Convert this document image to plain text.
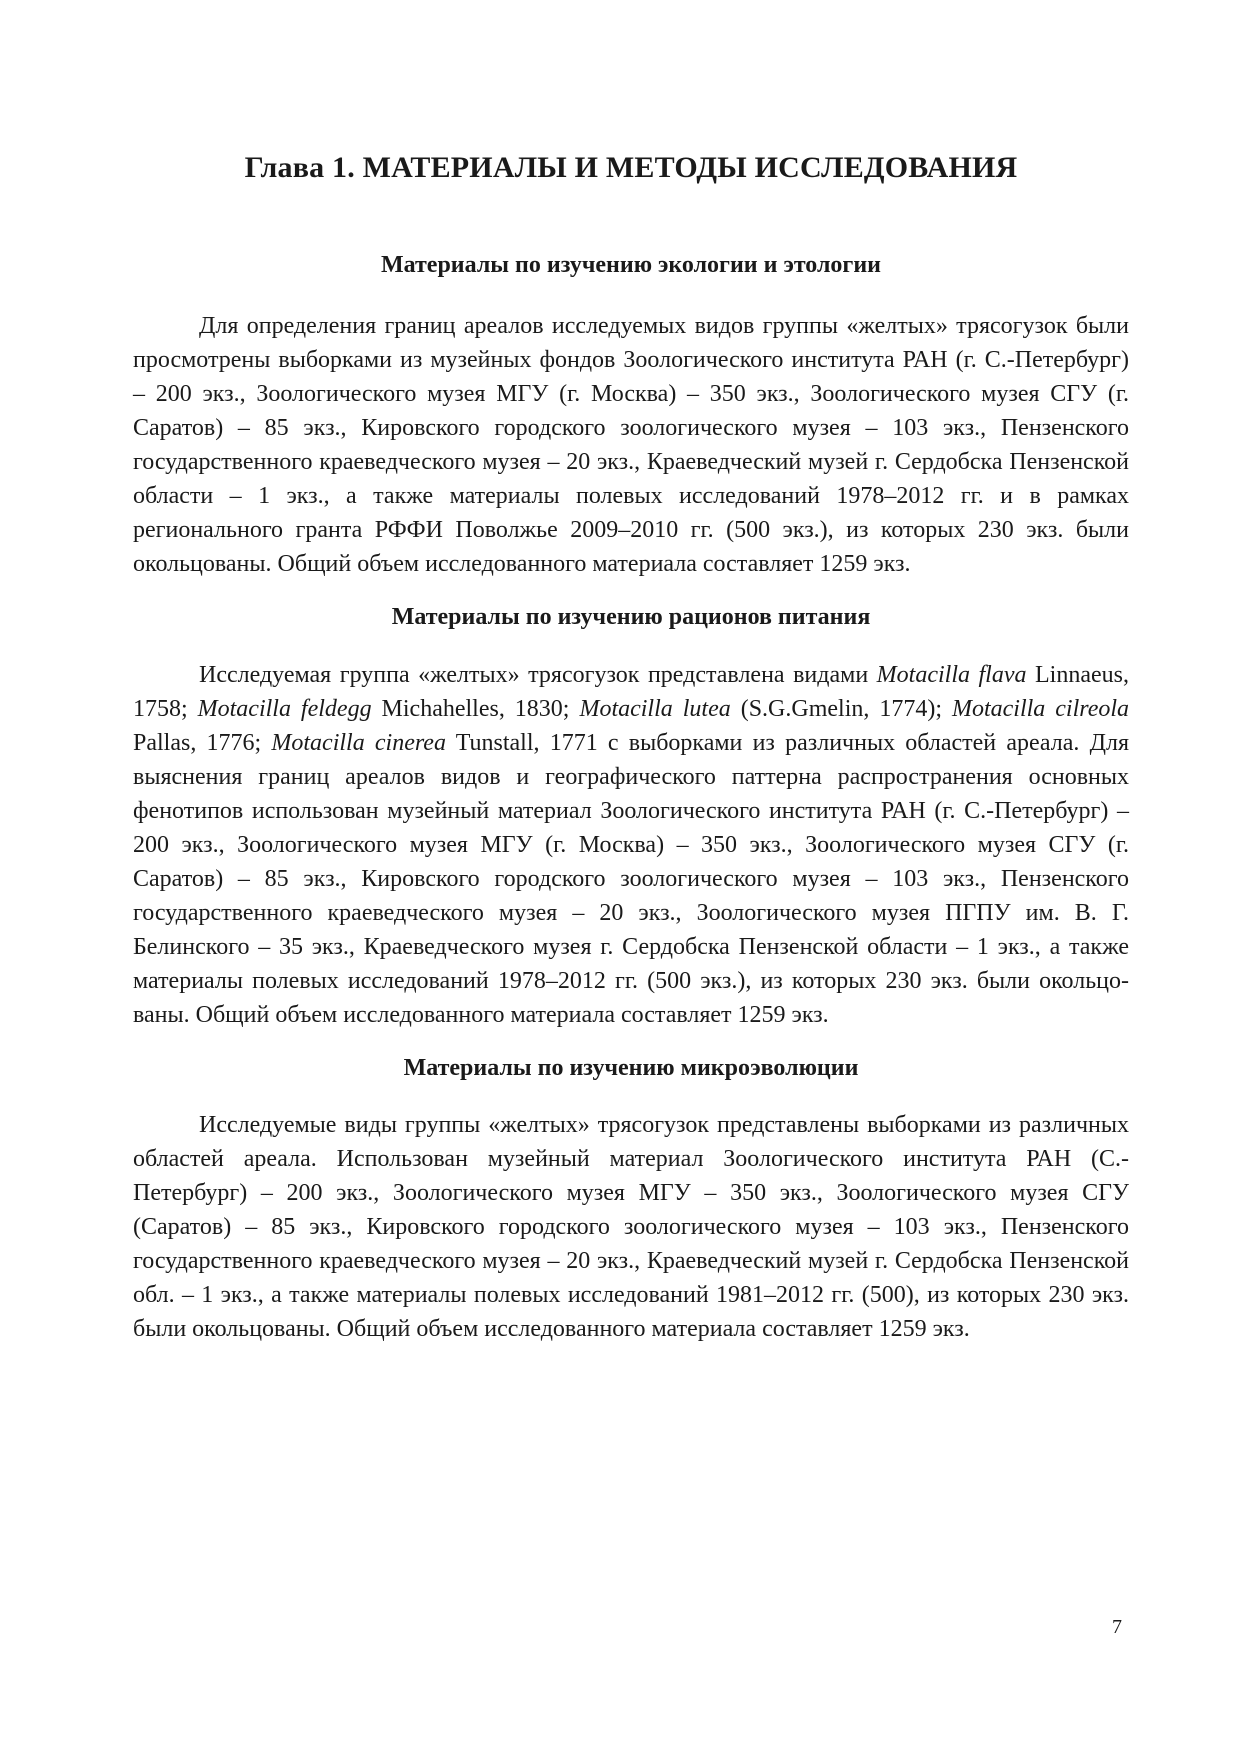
Глава 1. МАТЕРИАЛЫ И МЕТОДЫ ИССЛЕДОВАНИЯ
Материалы по изучению экологии и этологии

Для определения границ ареалов исследуемых видов группы «желтых» трясогузок были просмотрены выборками из музейных фондов Зоологического института РАН (г. С.-Петербург) – 200 экз., Зоологического музея МГУ (г. Москва) – 350 экз., Зоологического музея СГУ (г. Саратов) – 85 экз., Кировского городского зоологического музея – 103 экз., Пензенского государственного краеведческого музея – 20 экз., Краеведческий музей г. Сердобска Пензенской области – 1 экз., а также материалы полевых исследований 1978–2012 гг. и в рамках регионального гранта РФФИ Поволжье 2009–2010 гг. (500 экз.), из которых 230 экз. были окольцованы. Общий объем исследованного материала составляет 1259 экз.

Материалы по изучению рационов питания

Исследуемая группа «желтых» трясогузок представлена видами Motacilla flava Linnaeus, 1758; Motacilla feldegg Michahelles, 1830; Motacilla lutea (S.G.Gmelin, 1774); Motacilla cilreola Pallas, 1776; Motacilla cinerea Tunstall, 1771 с выборками из различных областей ареала. Для выяснения границ ареалов видов и географического паттерна распространения основных фенотипов использован музейный материал Зоологического института РАН (г. С.-Петербург) – 200 экз., Зоологического музея МГУ (г. Москва) – 350 экз., Зоологического музея СГУ (г. Саратов) – 85 экз., Кировского городского зоологического музея – 103 экз., Пензенского государственного краеведческого музея – 20 экз., Зоологического музея ПГПУ им. В. Г. Белинского – 35 экз., Краеведческого музея г. Сердобска Пензенской области – 1 экз., а также материалы полевых исследований 1978–2012 гг. (500 экз.), из которых 230 экз. были окольцованы. Общий объем исследованного материала составляет 1259 экз.

Материалы по изучению микроэволюции

Исследуемые виды группы «желтых» трясогузок представлены выборками из различных областей ареала. Использован музейный материал Зоологического института РАН (С.-Петербург) – 200 экз., Зоологического музея МГУ – 350 экз., Зоологического музея СГУ (Саратов) – 85 экз., Кировского городского зоологического музея – 103 экз., Пензенского государственного краеведческого музея – 20 экз., Краеведческий музей г. Сердобска Пензенской обл. – 1 экз., а также материалы полевых исследований 1981–2012 гг. (500), из которых 230 экз. были окольцованы. Общий объем исследованного материала составляет 1259 экз.

7
